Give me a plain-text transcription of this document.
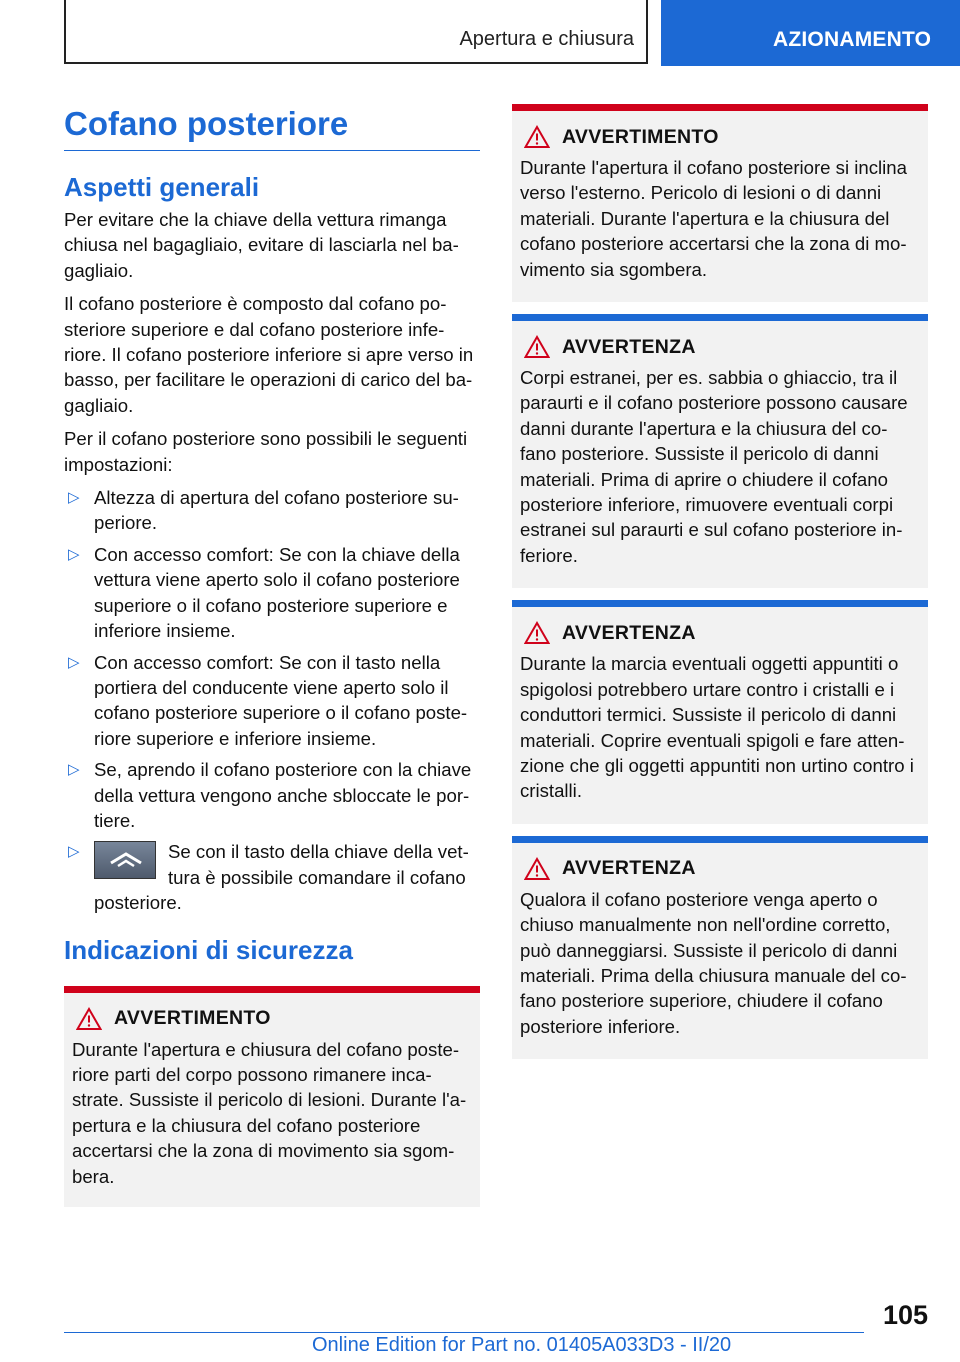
Apertura e chiusura	AZIONAMENTO
Cofano posteriore
Aspetti generali

Per evitare che la chiave della vettura rimanga chiusa nel bagagliaio, evitare di lasciarla nel ba- gagliaio.

Il cofano posteriore è composto dal cofano po- steriore superiore e dal cofano posteriore infe- riore. Il cofano posteriore inferiore si apre verso in basso, per facilitare le operazioni di carico del ba- gagliaio.

Per il cofano posteriore sono possibili le seguenti impostazioni:

▷ Altezza di apertura del cofano posteriore su- periore.
▷ Con accesso comfort: Se con la chiave della vettura viene aperto solo il cofano posteriore superiore o il cofano posteriore superiore e inferiore insieme.
▷ Con accesso comfort: Se con il tasto nella portiera del conducente viene aperto solo il cofano posteriore superiore o il cofano poste- riore superiore e inferiore insieme.
▷ Se, aprendo il cofano posteriore con la chiave della vettura vengono anche sbloccate le por- tiere.
▷	Se con il tasto della chiave della vet- tura è possibile comandare il cofano posteriore.
Indicazioni di sicurezza
AVVERTIMENTO
Durante l'apertura e chiusura del cofano poste- riore parti del corpo possono rimanere inca- strate. Sussiste il pericolo di lesioni. Durante l'a- pertura e la chiusura del cofano posteriore accertarsi che la zona di movimento sia sgom- bera.
AVVERTIMENTO
Durante l'apertura il cofano posteriore si inclina verso l'esterno. Pericolo di lesioni o di danni materiali. Durante l'apertura e la chiusura del cofano posteriore accertarsi che la zona di mo- vimento sia sgombera.
AVVERTENZA
Corpi estranei, per es. sabbia o ghiaccio, tra il paraurti e il cofano posteriore possono causare danni durante l'apertura e la chiusura del co- fano posteriore. Sussiste il pericolo di danni materiali. Prima di aprire o chiudere il cofano posteriore inferiore, rimuovere eventuali corpi estranei sul paraurti e sul cofano posteriore in- feriore.
AVVERTENZA
Durante la marcia eventuali oggetti appuntiti o spigolosi potrebbero urtare contro i cristalli e i conduttori termici. Sussiste il pericolo di danni materiali. Coprire eventuali spigoli e fare atten- zione che gli oggetti appuntiti non urtino contro i cristalli.
AVVERTENZA
Qualora il cofano posteriore venga aperto o chiuso manualmente non nell'ordine corretto, può danneggiarsi. Sussiste il pericolo di danni materiali. Prima della chiusura manuale del co- fano posteriore superiore, chiudere il cofano posteriore inferiore.
105
Online Edition for Part no. 01405A033D3 - II/20
